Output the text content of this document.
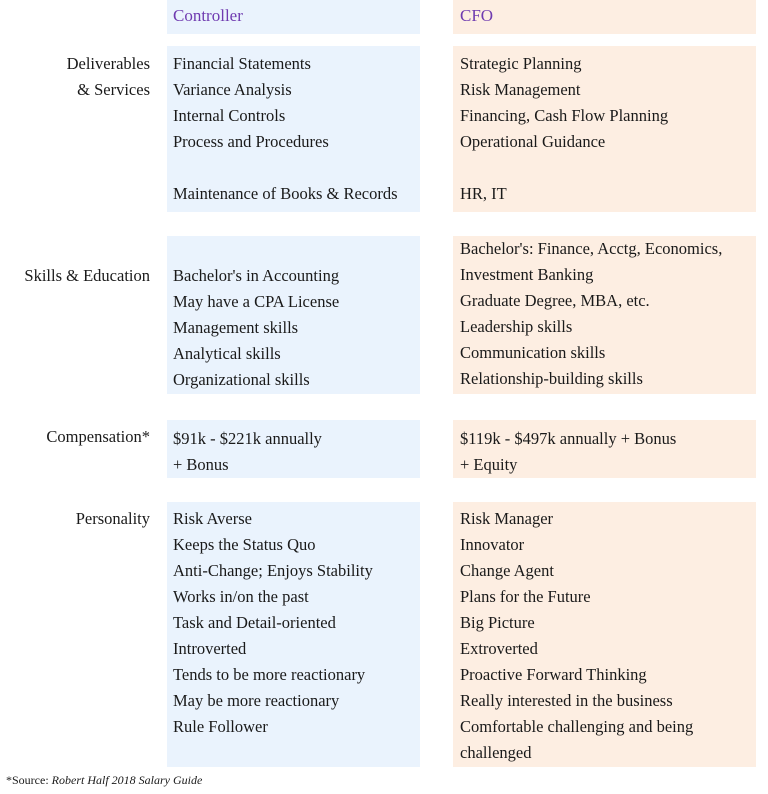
Controller	CFO
Deliverables
& Services
Financial Statements
Variance Analysis
Internal Controls
Process and Procedures
Maintenance of Books & Records
Strategic Planning
Risk Management
Financing, Cash Flow Planning
Operational Guidance
HR, IT
Skills & Education Bachelor's in Accounting
May have a CPA License
Management skills
Analytical skills
Organizational skills
Bachelor's: Finance, Acctg, Economics,
Investment Banking
Graduate Degree, MBA, etc.
Leadership skills
Communication skills
Relationship-building skills
Compensation* $91k - $221k annually
+ Bonus
$119k - $497k annually + Bonus
+ Equity
Personality Risk Averse
Keeps the Status Quo
Anti-Change; Enjoys Stability
Works in/on the past
Task and Detail-oriented
Introverted
Tends to be more reactionary
May be more reactionary
Rule Follower
Risk Manager
Innovator
Change Agent
Plans for the Future
Big Picture
Extroverted
Proactive Forward Thinking
Really interested in the business
Comfortable challenging and being
challenged
*Source: Robert Half 2018 Salary Guide
